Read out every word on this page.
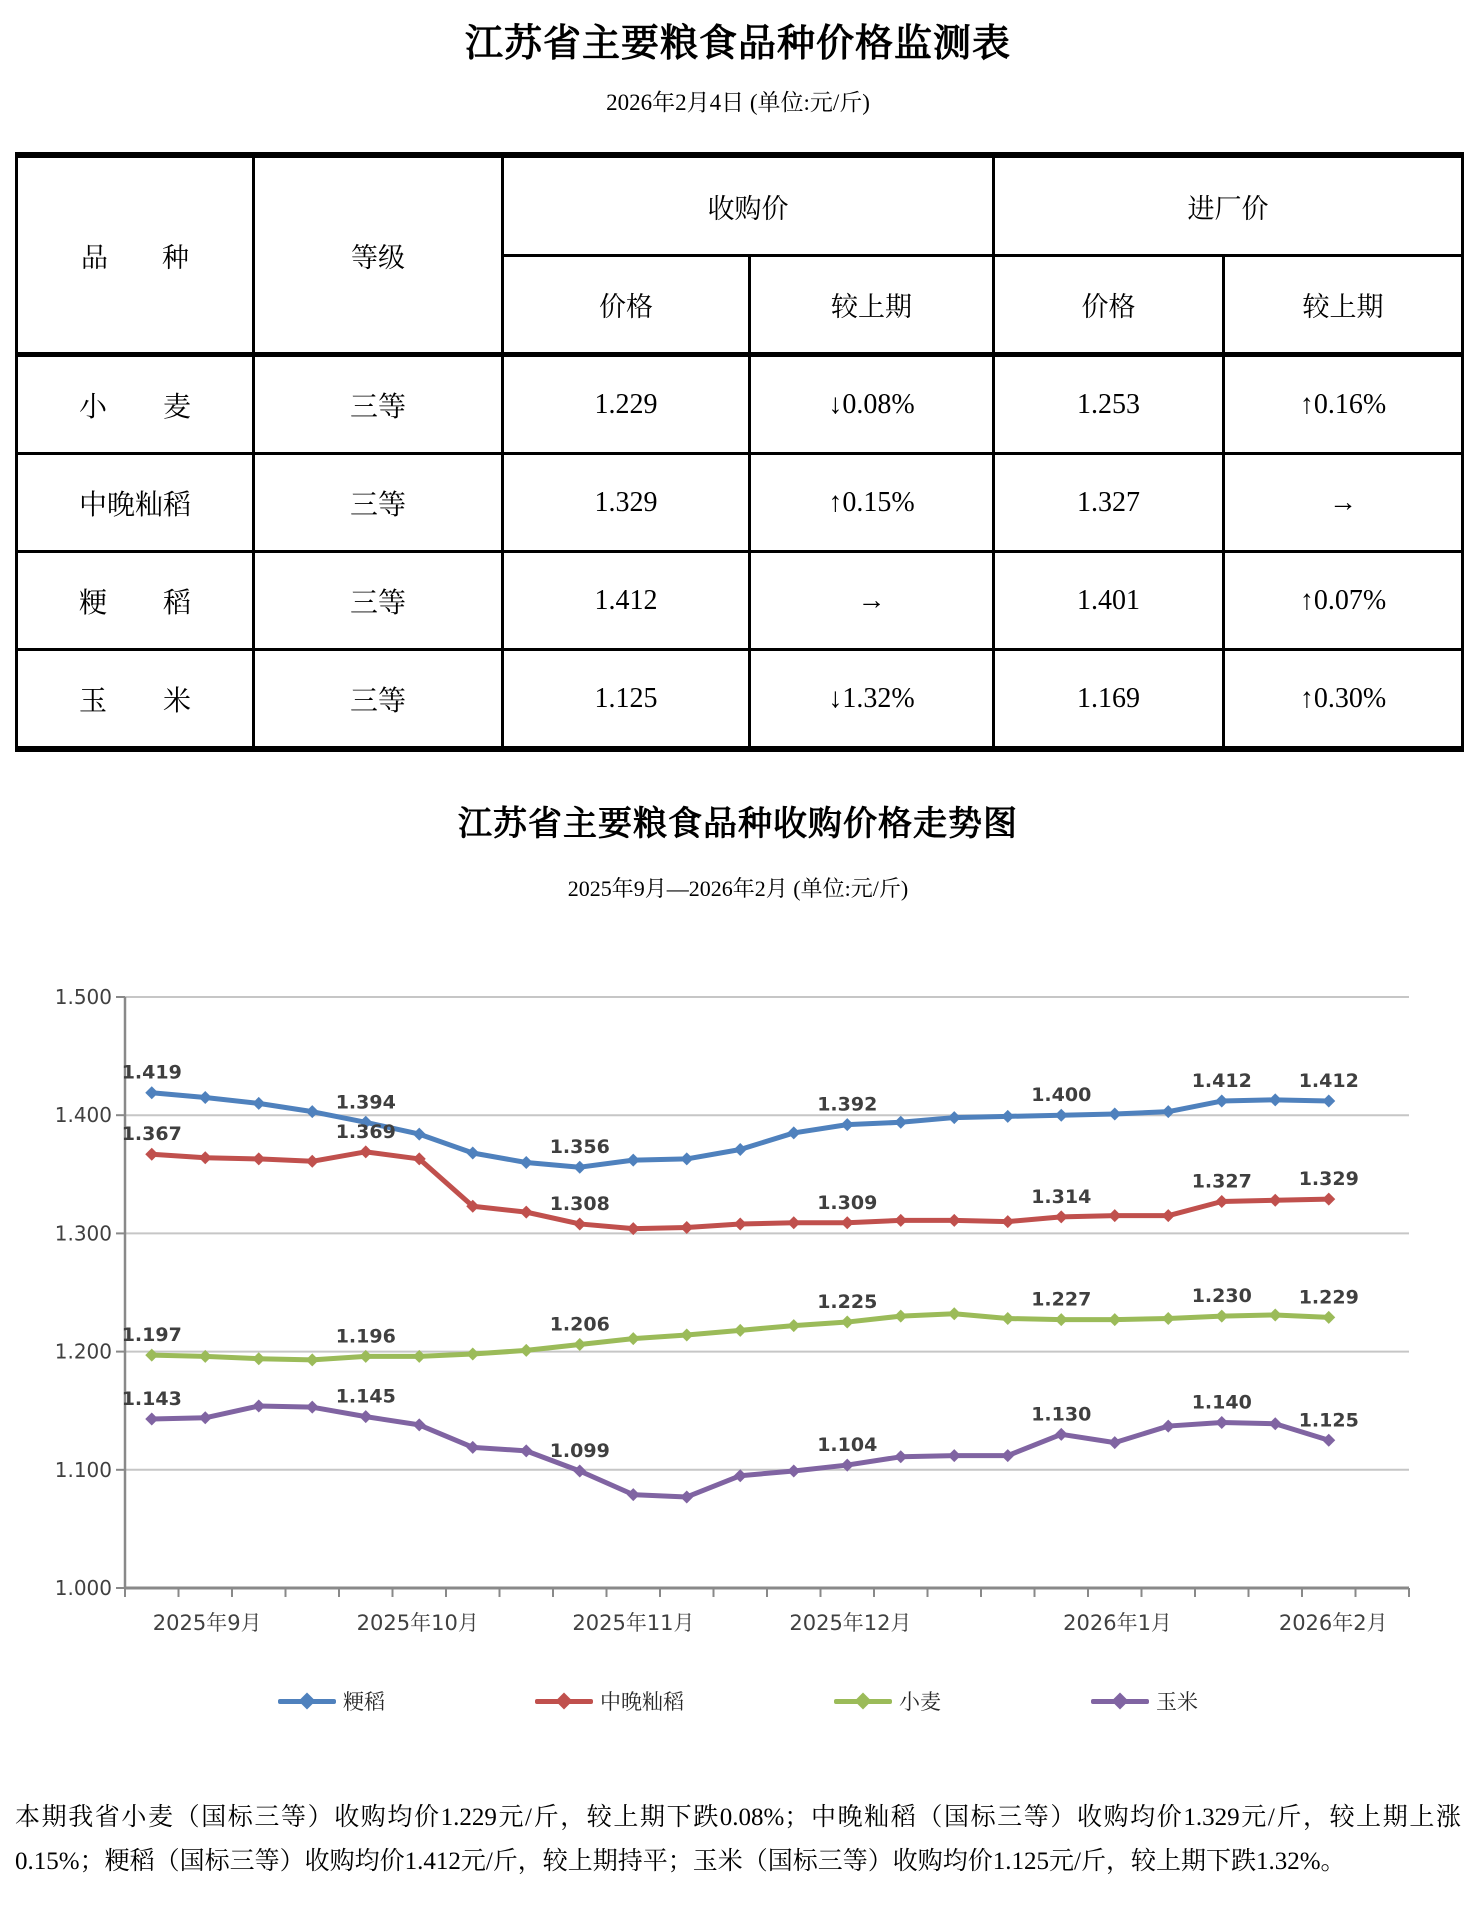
江苏省主要粮食品种价格监测表
2026年2月4日 (单位:元/斤)
品　　种	等级	收购价		进厂价	
		价格	较上期	价格	较上期
小　　麦	三等	1.229	↓0.08%	1.253	↑0.16%
中晚籼稻	三等	1.329	↑0.15%	1.327	→
粳　　稻	三等	1.412	→	1.401	↑0.07%
玉　　米	三等	1.125	↓1.32%	1.169	↑0.30%
江苏省主要粮食品种收购价格走势图
2025年9月—2026年2月 (单位:元/斤)
1.000
1.100
1.200
1.300
1.400
1.500
2025年9月	2025年10月	2025年11月	2025年12月	2026年1月	2026年2月
1.419
1.394
1.356
1.392	1.400
1.412 1.412
1.367	1.369
1.308	1.309	1.314
1.327 1.329
1.197	1.196
1.206
1.225	1.227	1.230 1.229
1.143	1.145
1.099	1.104
1.130
1.140
1.125
粳稻	中晚籼稻	小麦	玉米
本期我省小麦（国标三等）收购均价1.229元/斤，较上期下跌0.08%；中晚籼稻（国标三等）收购均价1.329元/斤，较上期上涨0.15%；粳稻（国标三等）收购均价1.412元/斤，较上期持平；玉米（国标三等）收购均价1.125元/斤，较上期下跌1.32%。
